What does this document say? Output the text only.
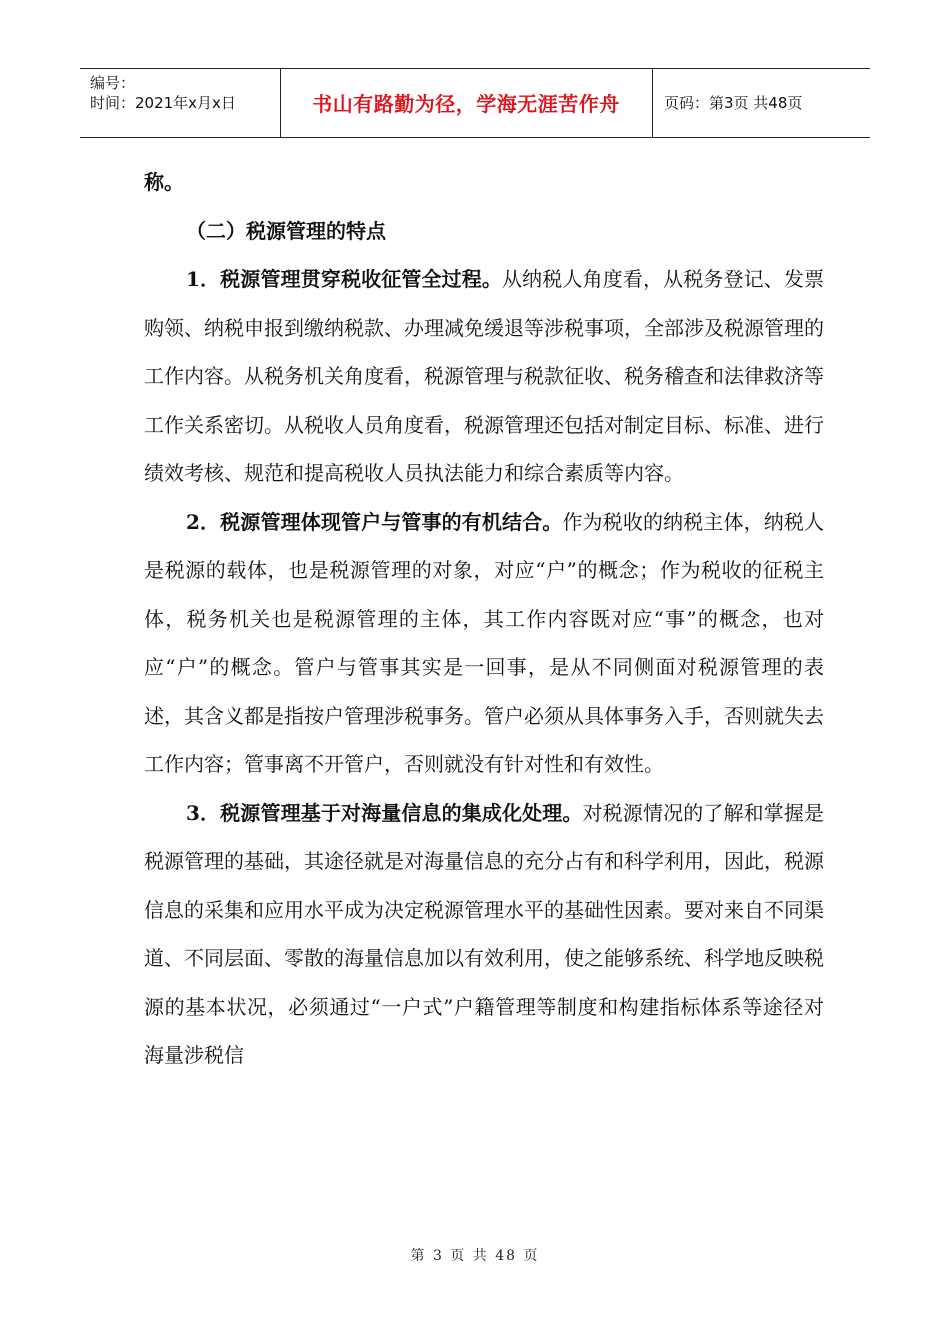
编号：
时间：2021年x月x日	书山有路勤为径，学海无涯苦作舟	页码：第3页 共48页

称。

（二）税源管理的特点

1．税源管理贯穿税收征管全过程。从纳税人角度看，从税务登记、发票购领、纳税申报到缴纳税款、办理减免缓退等涉税事项，全部涉及税源管理的工作内容。从税务机关角度看，税源管理与税款征收、税务稽查和法律救济等工作关系密切。从税收人员角度看，税源管理还包括对制定目标、标准、进行绩效考核、规范和提高税收人员执法能力和综合素质等内容。

2．税源管理体现管户与管事的有机结合。作为税收的纳税主体，纳税人是税源的载体，也是税源管理的对象，对应“户”的概念；作为税收的征税主体，税务机关也是税源管理的主体，其工作内容既对应“事”的概念，也对应“户”的概念。管户与管事其实是一回事，是从不同侧面对税源管理的表述，其含义都是指按户管理涉税事务。管户必须从具体事务入手，否则就失去工作内容；管事离不开管户，否则就没有针对性和有效性。

3．税源管理基于对海量信息的集成化处理。对税源情况的了解和掌握是税源管理的基础，其途径就是对海量信息的充分占有和科学利用，因此，税源信息的采集和应用水平成为决定税源管理水平的基础性因素。要对来自不同渠道、不同层面、零散的海量信息加以有效利用，使之能够系统、科学地反映税源的基本状况，必须通过“一户式”户籍管理等制度和构建指标体系等途径对海量涉税信

第 3 页 共 48 页
